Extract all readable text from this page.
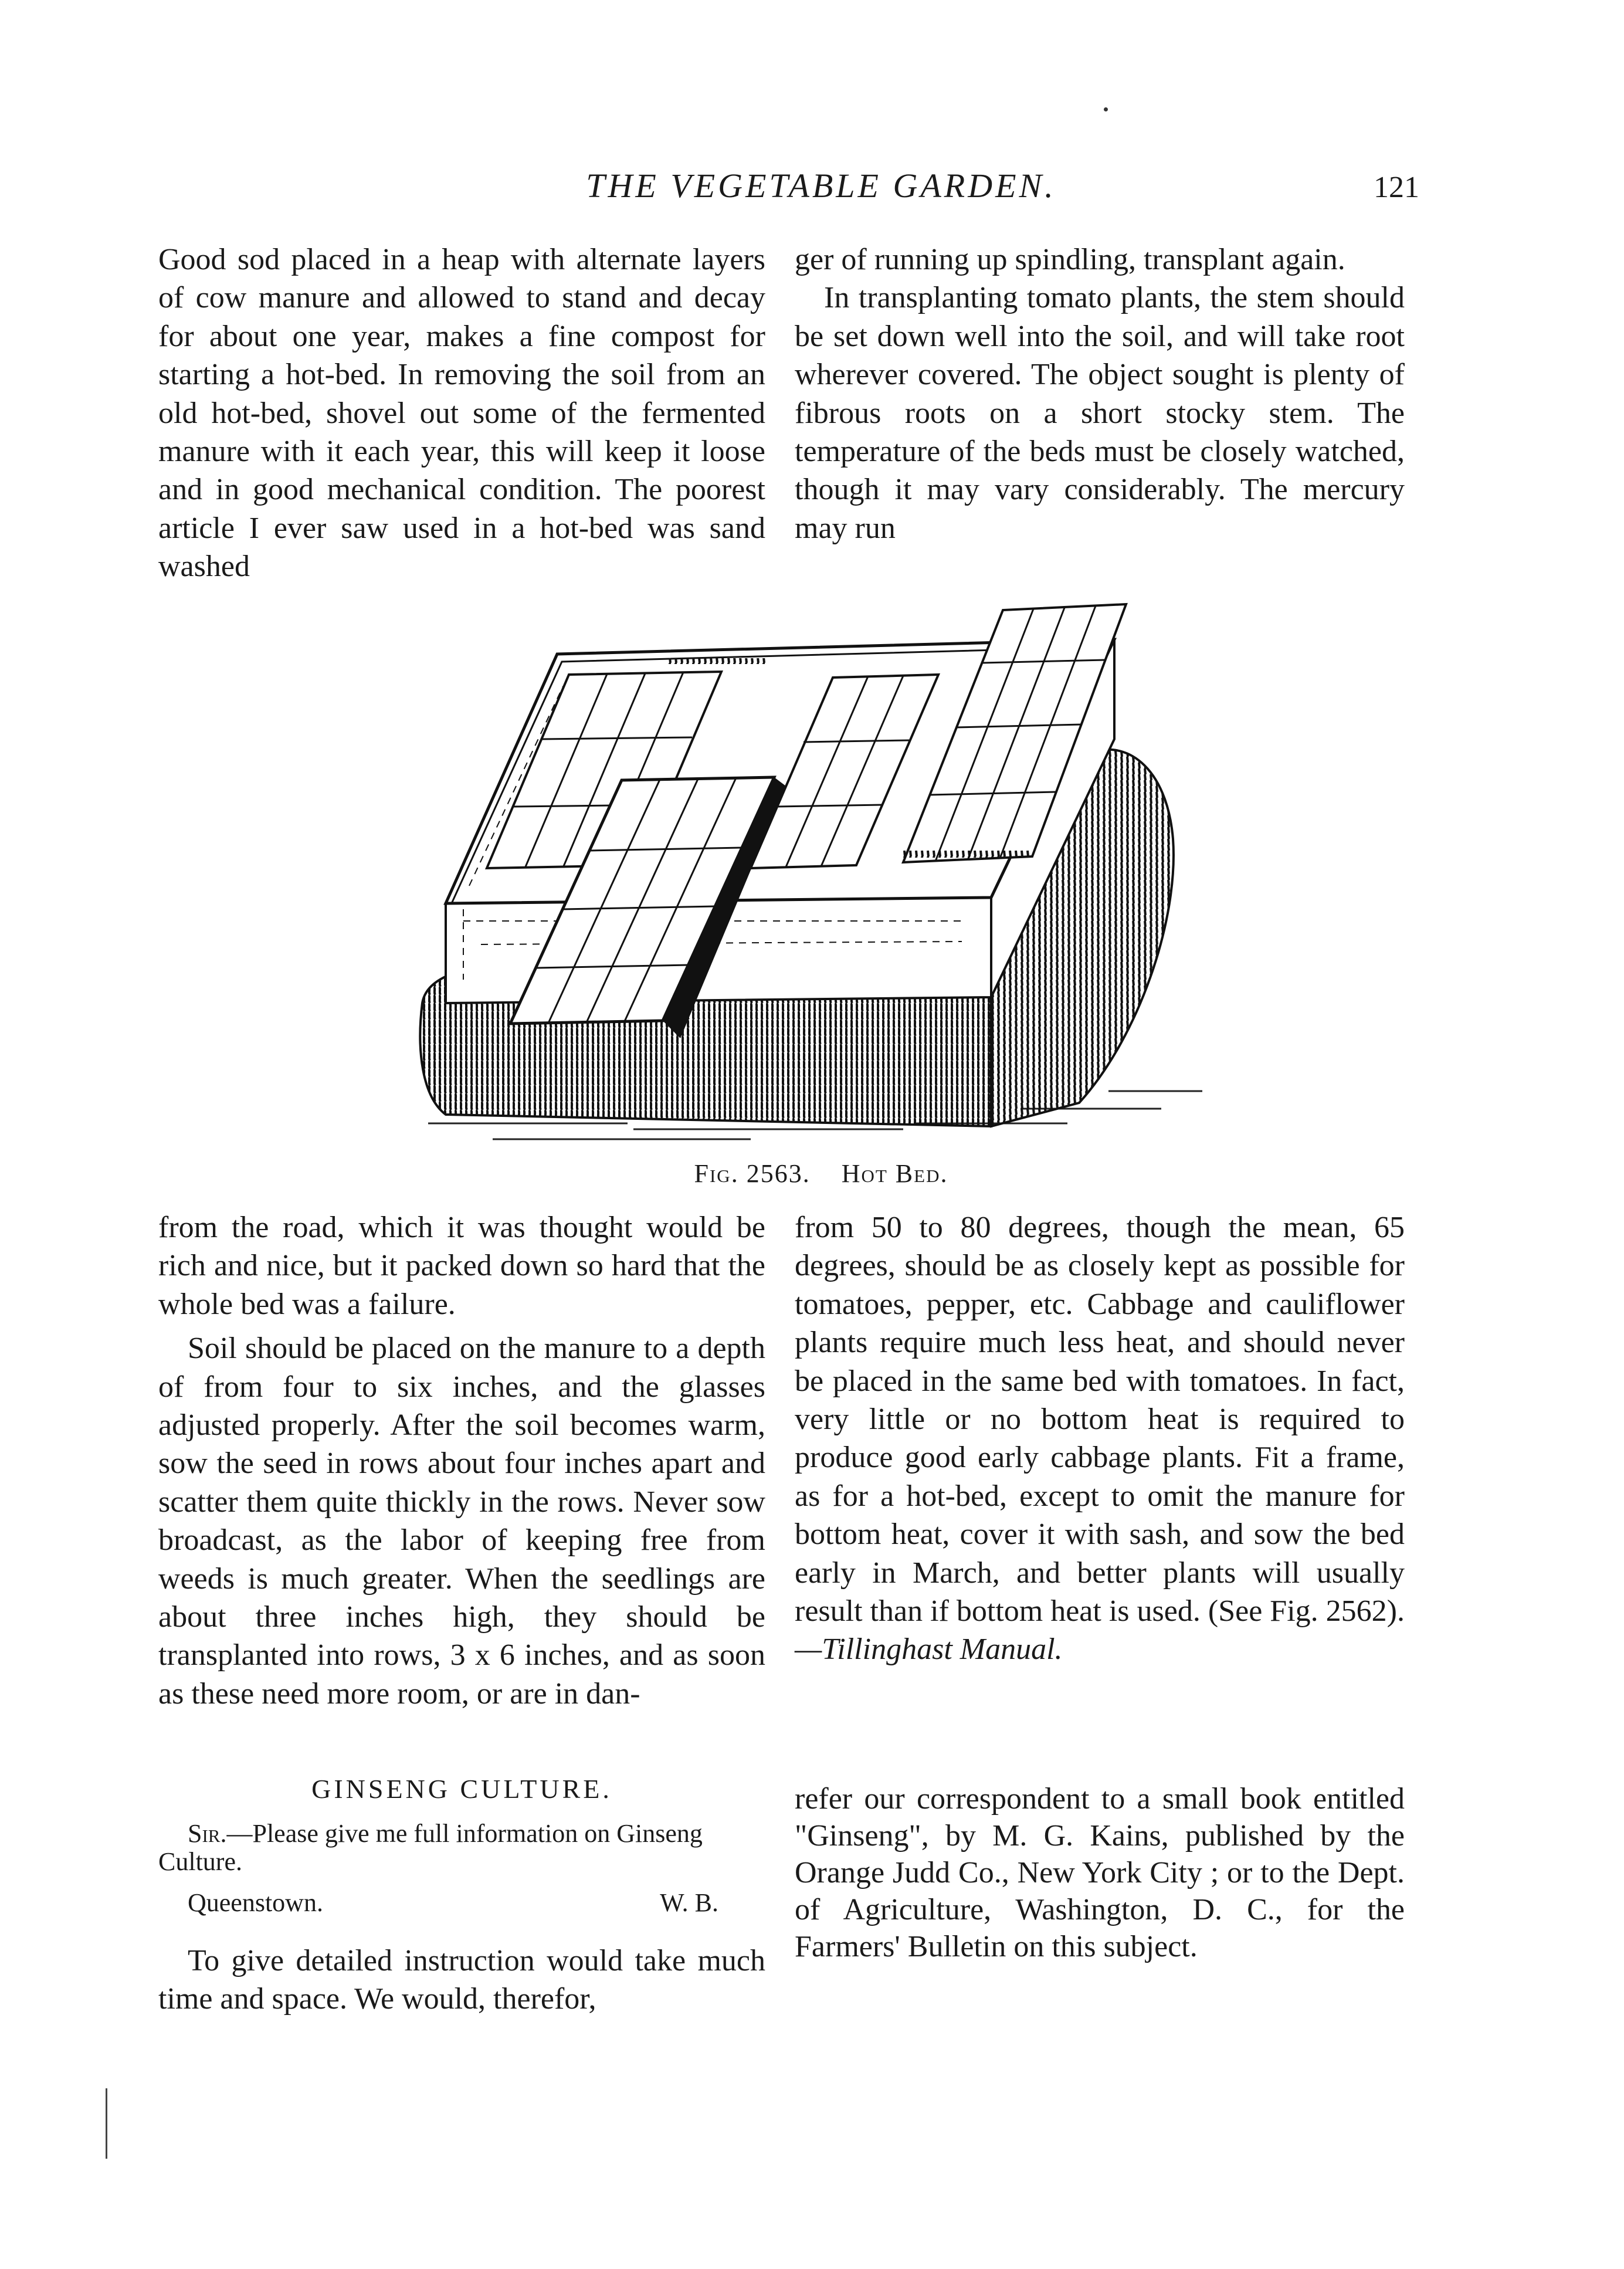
THE VEGETABLE GARDEN.	121

Good sod placed in a heap with alternate layers of cow manure and allowed to stand and decay for about one year, makes a fine compost for starting a hot-bed. In removing the soil from an old hot-bed, shovel out some of the fermented manure with it each year, this will keep it loose and in good mechanical condition. The poorest article I ever saw used in a hot-bed was sand washed

ger of running up spindling, transplant again.

In transplanting tomato plants, the stem should be set down well into the soil, and will take root wherever covered. The object sought is plenty of fibrous roots on a short stocky stem. The temperature of the beds must be closely watched, though it may vary considerably. The mercury may run

Fig. 2563. Hot Bed.

from the road, which it was thought would be rich and nice, but it packed down so hard that the whole bed was a failure.

Soil should be placed on the manure to a depth of from four to six inches, and the glasses adjusted properly. After the soil becomes warm, sow the seed in rows about four inches apart and scatter them quite thickly in the rows. Never sow broadcast, as the labor of keeping free from weeds is much greater. When the seedlings are about three inches high, they should be transplanted into rows, 3 x 6 inches, and as soon as these need more room, or are in dan-

from 50 to 80 degrees, though the mean, 65 degrees, should be as closely kept as possible for tomatoes, pepper, etc. Cabbage and cauliflower plants require much less heat, and should never be placed in the same bed with tomatoes. In fact, very little or no bottom heat is required to produce good early cabbage plants. Fit a frame, as for a hot-bed, except to omit the manure for bottom heat, cover it with sash, and sow the bed early in March, and better plants will usually result than if bottom heat is used. (See Fig. 2562).—Tillinghast Manual.

GINSENG CULTURE.

Sir.—Please give me full information on Ginseng Culture.

Queenstown.	W. B.

To give detailed instruction would take much time and space. We would, therefor,

refer our correspondent to a small book entitled "Ginseng", by M. G. Kains, published by the Orange Judd Co., New York City ; or to the Dept. of Agriculture, Washington, D. C., for the Farmers' Bulletin on this subject.
